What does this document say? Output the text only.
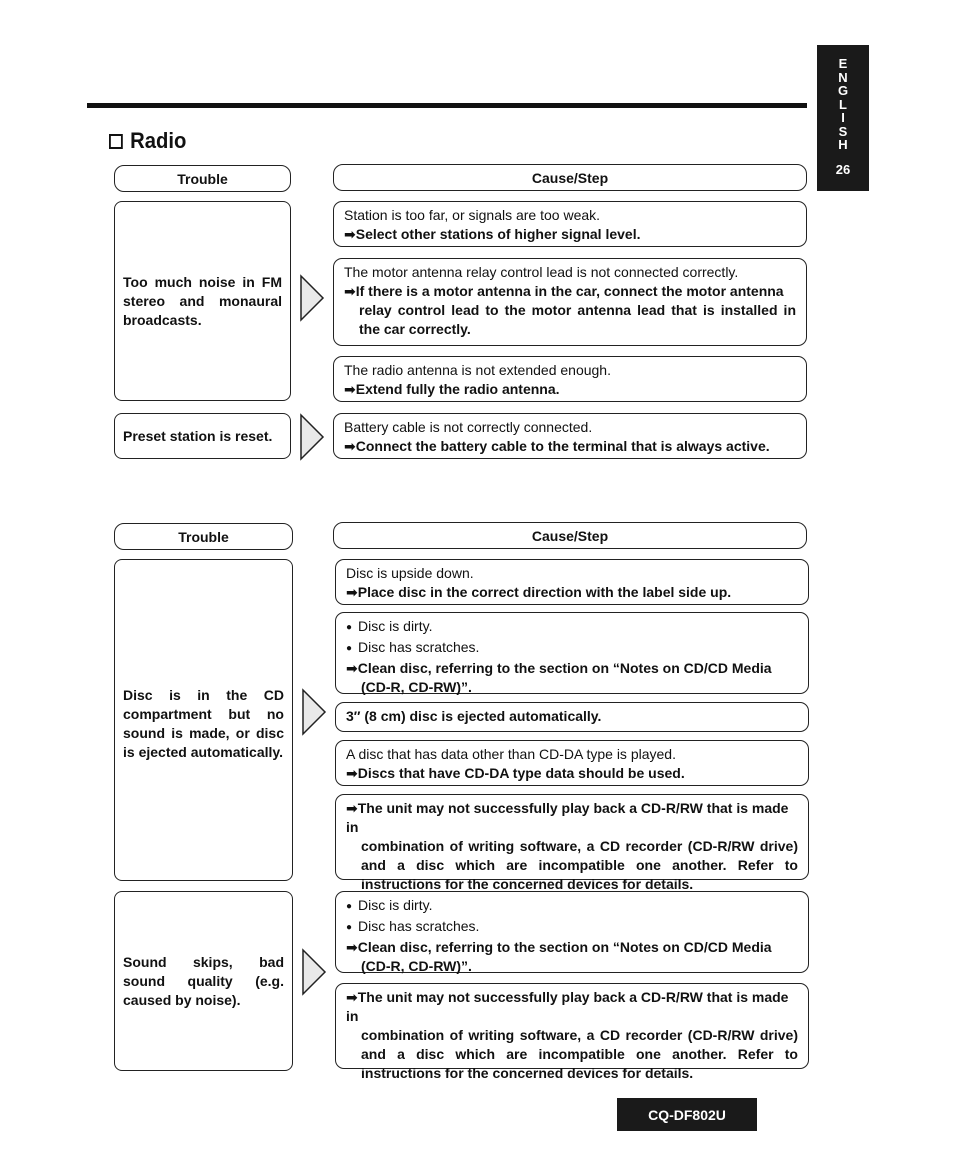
E
N
G
L
I
S
H
26
Radio
Trouble	Cause/Step
Too much noise in FM stereo and monaural broadcasts.
Station is too far, or signals are too weak.
➡Select other stations of higher signal level.
The motor antenna relay control lead is not connected correctly.
➡If there is a motor antenna in the car, connect the motor antenna
relay control lead to the motor antenna lead that is installed in the car correctly.
The radio antenna is not extended enough.
➡Extend fully the radio antenna.
Preset station is reset.
Battery cable is not correctly connected.
➡Connect the battery cable to the terminal that is always active.
Trouble	Cause/Step
Disc is in the CD compartment but no sound is made, or disc is ejected automatically.
Disc is upside down.
➡Place disc in the correct direction with the label side up.
● Disc is dirty.
● Disc has scratches.
➡Clean disc, referring to the section on “Notes on CD/CD Media
(CD-R, CD-RW)”.
3″ (8 cm) disc is ejected automatically.
A disc that has data other than CD-DA type is played.
➡Discs that have CD-DA type data should be used.
➡The unit may not successfully play back a CD-R/RW that is made in
combination of writing software, a CD recorder (CD-R/RW drive) and a disc which are incompatible one another. Refer to instructions for the concerned devices for details.
Sound skips, bad sound quality (e.g. caused by noise).
● Disc is dirty.
● Disc has scratches.
➡Clean disc, referring to the section on “Notes on CD/CD Media
(CD-R, CD-RW)”.
➡The unit may not successfully play back a CD-R/RW that is made in
combination of writing software, a CD recorder (CD-R/RW drive) and a disc which are incompatible one another. Refer to instructions for the concerned devices for details.
CQ-DF802U
